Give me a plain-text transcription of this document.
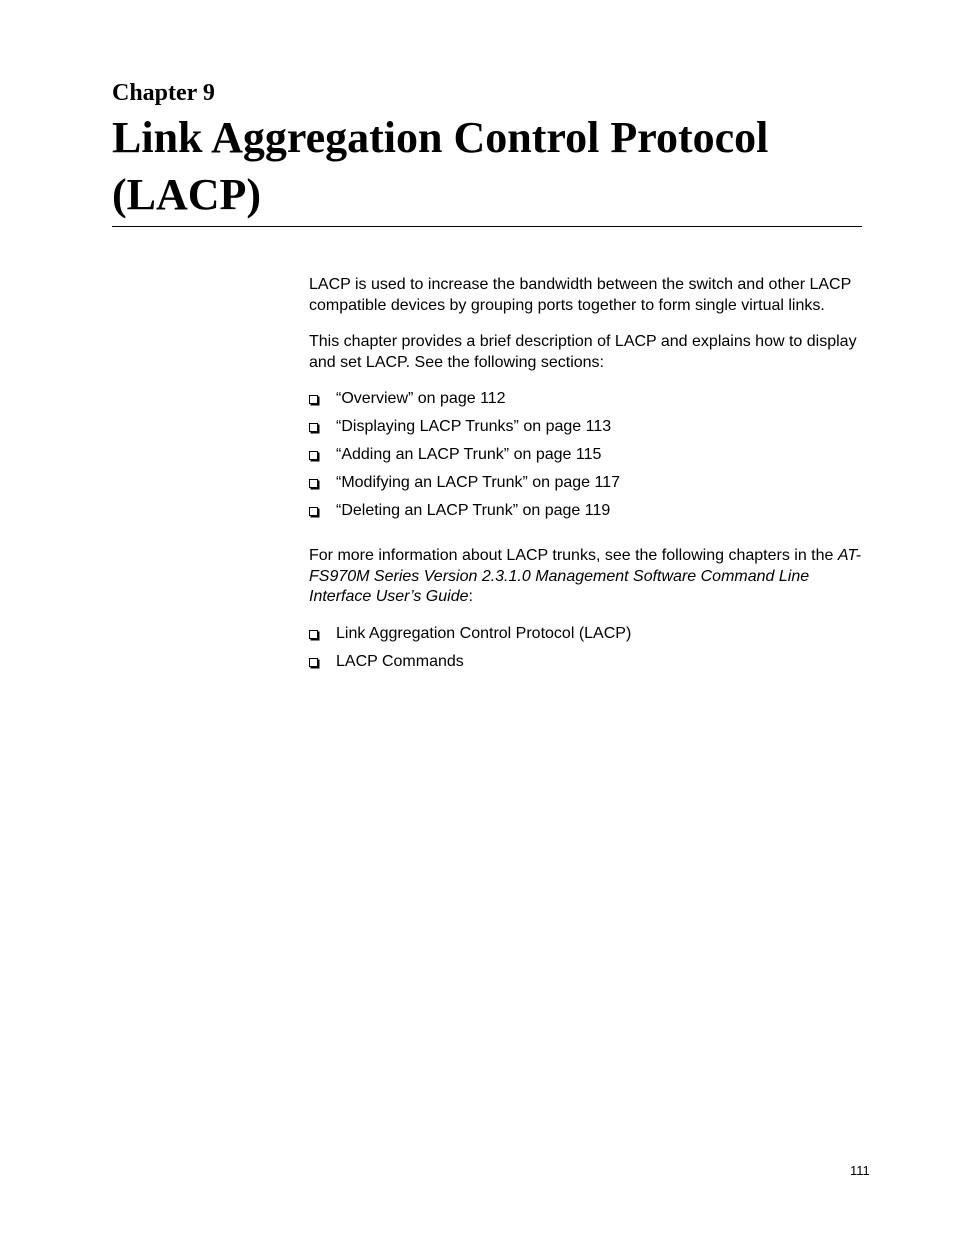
Chapter 9
Link Aggregation Control Protocol (LACP)

LACP is used to increase the bandwidth between the switch and other LACP compatible devices by grouping ports together to form single virtual links.

This chapter provides a brief description of LACP and explains how to display and set LACP. See the following sections:

“Overview” on page 112
“Displaying LACP Trunks” on page 113
“Adding an LACP Trunk” on page 115
“Modifying an LACP Trunk” on page 117
“Deleting an LACP Trunk” on page 119

For more information about LACP trunks, see the following chapters in the AT-FS970M Series Version 2.3.1.0 Management Software Command Line Interface User’s Guide:

Link Aggregation Control Protocol (LACP)
LACP Commands
111
